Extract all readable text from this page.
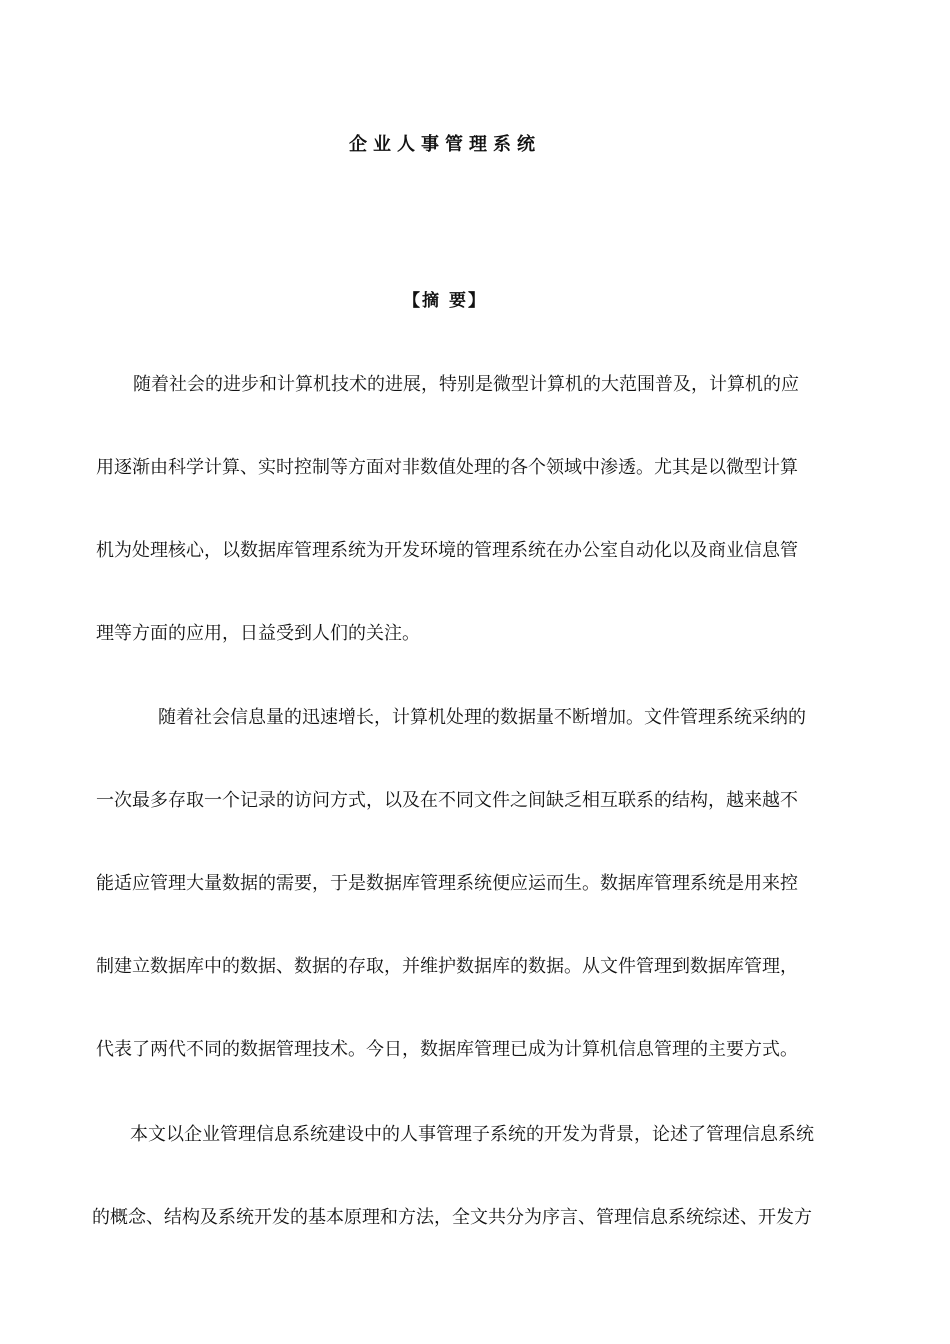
企业人事管理系统
【摘 要】
随着社会的进步和计算机技术的进展，特别是微型计算机的大范围普及，计算机的应
用逐渐由科学计算、实时控制等方面对非数值处理的各个领域中渗透。尤其是以微型计算
机为处理核心，以数据库管理系统为开发环境的管理系统在办公室自动化以及商业信息管
理等方面的应用，日益受到人们的关注。
随着社会信息量的迅速增长，计算机处理的数据量不断增加。文件管理系统采纳的
一次最多存取一个记录的访问方式，以及在不同文件之间缺乏相互联系的结构，越来越不
能适应管理大量数据的需要，于是数据库管理系统便应运而生。数据库管理系统是用来控
制建立数据库中的数据、数据的存取，并维护数据库的数据。从文件管理到数据库管理，
代表了两代不同的数据管理技术。今日，数据库管理已成为计算机信息管理的主要方式。
本文以企业管理信息系统建设中的人事管理子系统的开发为背景，论述了管理信息系统
的概念、结构及系统开发的基本原理和方法，全文共分为序言、管理信息系统综述、开发方
